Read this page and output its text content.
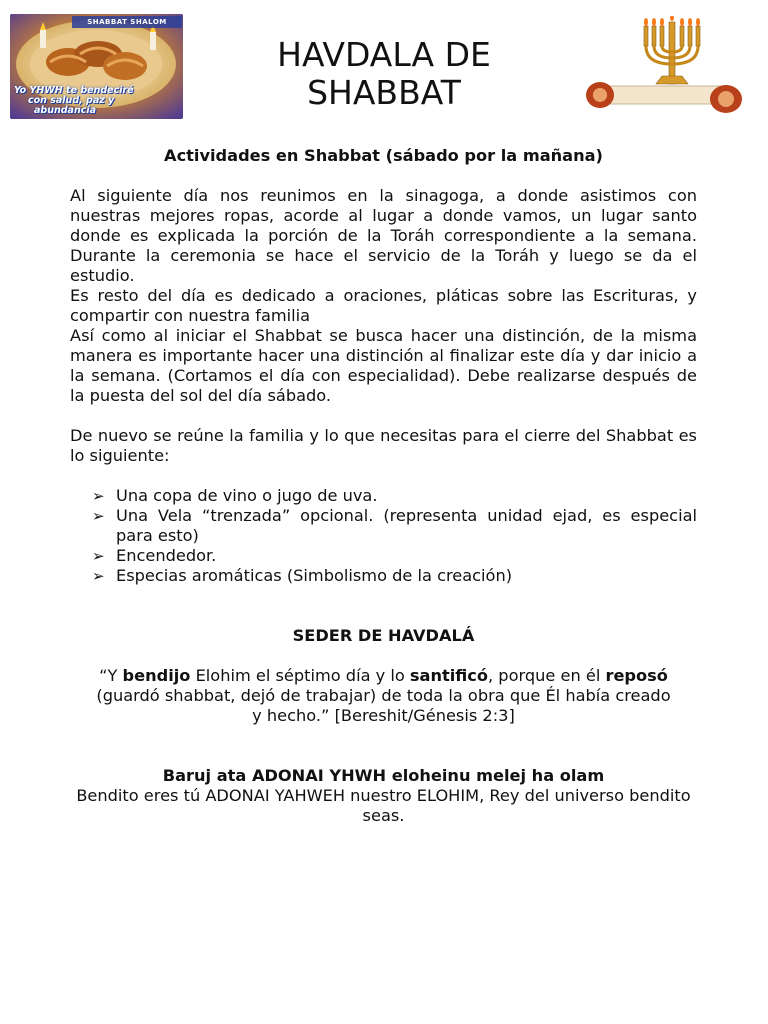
SHABBAT SHALOM
Yo YHWH te bendeciré
con salud, paz y
abundancia
HAVDALA DE
SHABBAT

Actividades en Shabbat (sábado por la mañana)

Al siguiente día nos reunimos en la sinagoga, a donde asistimos con nuestras mejores ropas, acorde al lugar a donde vamos, un lugar santo donde es explicada la porción de la Toráh correspondiente a la semana. Durante la ceremonia se hace el servicio de la Toráh y luego se da el estudio.

Es resto del día es dedicado a oraciones, pláticas sobre las Escrituras, y compartir con nuestra familia

Así como al iniciar el Shabbat se busca hacer una distinción, de la misma manera es importante hacer una distinción al finalizar este día y dar inicio a la semana. (Cortamos el día con especialidad). Debe realizarse después de la puesta del sol del día sábado.

De nuevo se reúne la familia y lo que necesitas para el cierre del Shabbat es lo siguiente:

➢ Una copa de vino o jugo de uva.
➢ Una Vela “trenzada” opcional. (representa unidad ejad, es especial para esto)
➢ Encendedor.
➢ Especias aromáticas (Simbolismo de la creación)

SEDER DE HAVDALÁ

“Y bendijo Elohim el séptimo día y lo santificó, porque en él reposó (guardó shabbat, dejó de trabajar) de toda la obra que Él había creado y hecho.” [Bereshit/Génesis 2:3]

Baruj ata ADONAI YHWH eloheinu melej ha olam

Bendito eres tú ADONAI YAHWEH nuestro ELOHIM, Rey del universo bendito seas.
